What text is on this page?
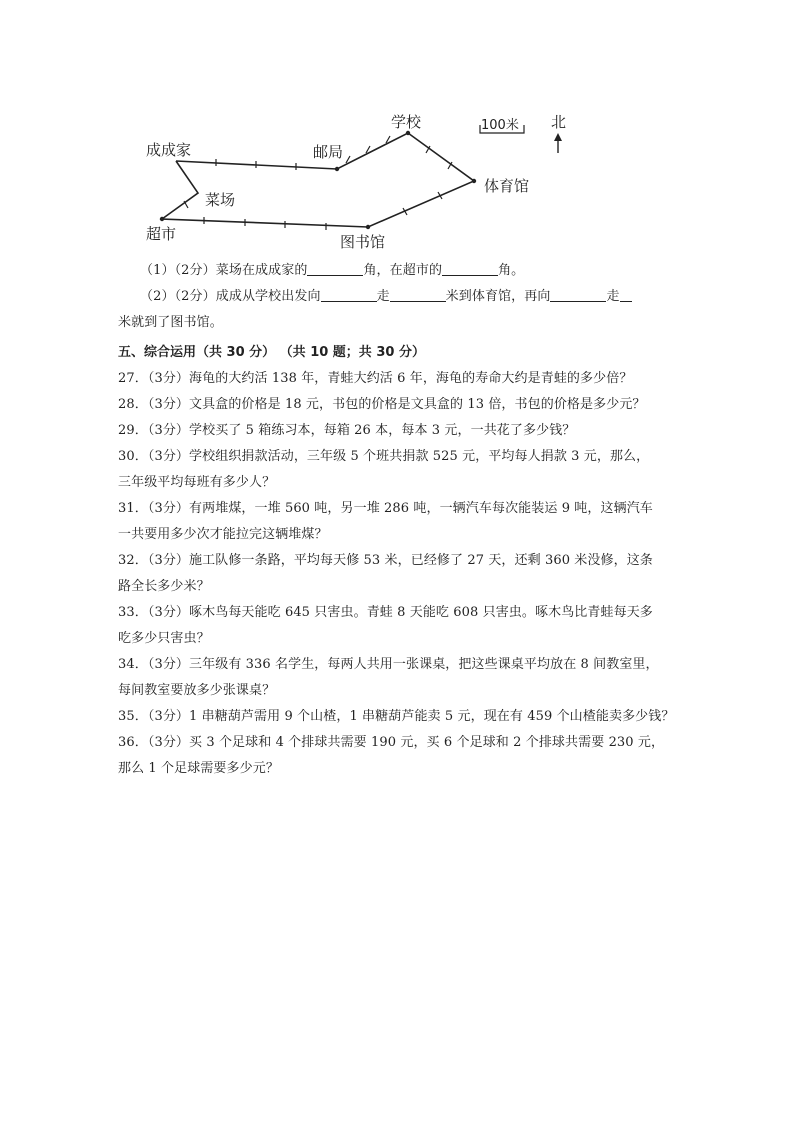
成成家	邮局
学校	100米 北
体育馆
菜场
超市	图书馆
（1）（2分）菜场在成成家的	角，在超市的	角。
（2）（2分）成成从学校出发向	走	米到体育馆，再向	走
米就到了图书馆。
五、综合运用（共 30 分） （共 10 题；共 30 分）
27．（3分）海龟的大约活 138 年，青蛙大约活 6 年，海龟的寿命大约是青蛙的多少倍？
28．（3分）文具盒的价格是 18 元，书包的价格是文具盒的 13 倍，书包的价格是多少元？
29．（3分）学校买了 5 箱练习本，每箱 26 本，每本 3 元，一共花了多少钱？
30．（3分）学校组织捐款活动，三年级 5 个班共捐款 525 元，平均每人捐款 3 元，那么，
三年级平均每班有多少人？
31．（3分）有两堆煤，一堆 560 吨，另一堆 286 吨，一辆汽车每次能装运 9 吨，这辆汽车
一共要用多少次才能拉完这辆堆煤？
32．（3分）施工队修一条路，平均每天修 53 米，已经修了 27 天，还剩 360 米没修，这条
路全长多少米？
33．（3分）啄木鸟每天能吃 645 只害虫。青蛙 8 天能吃 608 只害虫。啄木鸟比青蛙每天多
吃多少只害虫？
34．（3分）三年级有 336 名学生，每两人共用一张课桌，把这些课桌平均放在 8 间教室里，
每间教室要放多少张课桌？
35．（3分）1 串糖葫芦需用 9 个山楂，1 串糖葫芦能卖 5 元，现在有 459 个山楂能卖多少钱？
36．（3分）买 3 个足球和 4 个排球共需要 190 元，买 6 个足球和 2 个排球共需要 230 元，
那么 1 个足球需要多少元？
